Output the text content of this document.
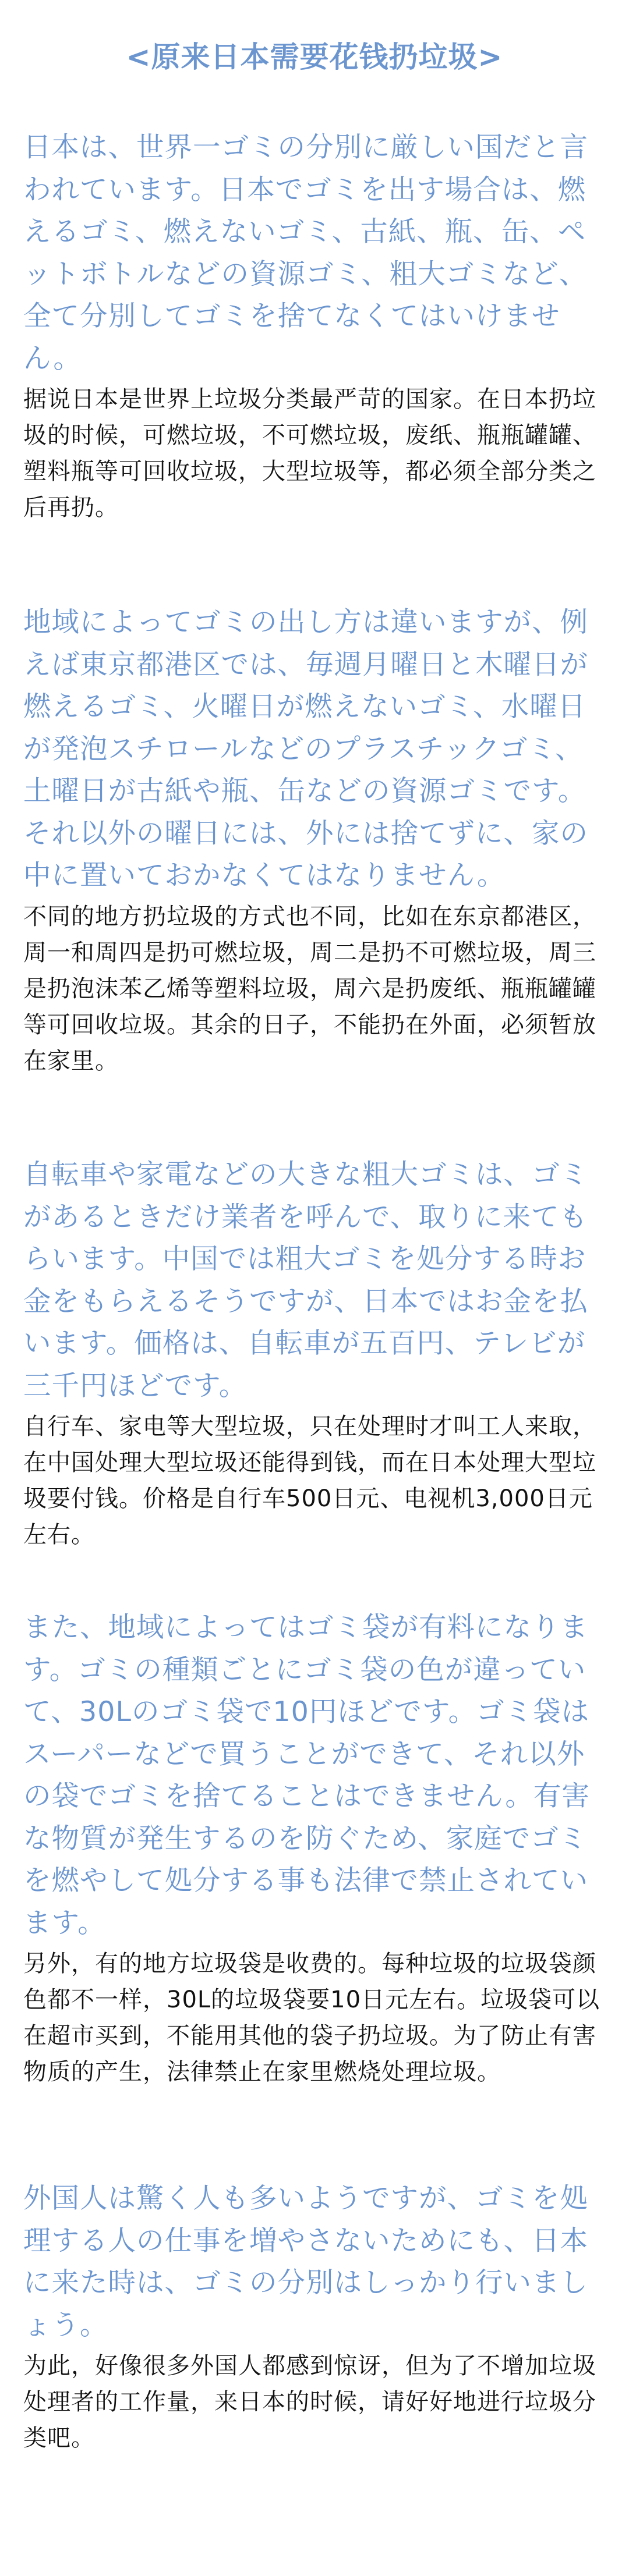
<原来日本需要花钱扔垃圾>

日本は、世界一ゴミの分別に厳しい国だと言われています。日本でゴミを出す場合は、燃えるゴミ、燃えないゴミ、古紙、瓶、缶、ペットボトルなどの資源ゴミ、粗大ゴミなど、全て分別してゴミを捨てなくてはいけません。

据说日本是世界上垃圾分类最严苛的国家。在日本扔垃圾的时候，可燃垃圾，不可燃垃圾，废纸、瓶瓶罐罐、塑料瓶等可回收垃圾，大型垃圾等，都必须全部分类之后再扔。

地域によってゴミの出し方は違いますが、例えば東京都港区では、毎週月曜日と木曜日が燃えるゴミ、火曜日が燃えないゴミ、水曜日が発泡スチロールなどのプラスチックゴミ、土曜日が古紙や瓶、缶などの資源ゴミです。それ以外の曜日には、外には捨てずに、家の中に置いておかなくてはなりません。

不同的地方扔垃圾的方式也不同，比如在东京都港区，周一和周四是扔可燃垃圾，周二是扔不可燃垃圾，周三是扔泡沫苯乙烯等塑料垃圾，周六是扔废纸、瓶瓶罐罐等可回收垃圾。其余的日子，不能扔在外面，必须暂放在家里。

自転車や家電などの大きな粗大ゴミは、ゴミがあるときだけ業者を呼んで、取りに来てもらいます。中国では粗大ゴミを処分する時お金をもらえるそうですが、日本ではお金を払います。価格は、自転車が五百円、テレビが三千円ほどです。

自行车、家电等大型垃圾，只在处理时才叫工人来取，在中国处理大型垃圾还能得到钱，而在日本处理大型垃圾要付钱。价格是自行车500日元、电视机3,000日元左右。

また、地域によってはゴミ袋が有料になります。ゴミの種類ごとにゴミ袋の色が違っていて、30Lのゴミ袋で10円ほどです。ゴミ袋はスーパーなどで買うことができて、それ以外の袋でゴミを捨てることはできません。有害な物質が発生するのを防ぐため、家庭でゴミを燃やして処分する事も法律で禁止されています。

另外，有的地方垃圾袋是收费的。每种垃圾的垃圾袋颜色都不一样，30L的垃圾袋要10日元左右。垃圾袋可以在超市买到，不能用其他的袋子扔垃圾。为了防止有害物质的产生，法律禁止在家里燃烧处理垃圾。

外国人は驚く人も多いようですが、ゴミを処理する人の仕事を増やさないためにも、日本に来た時は、ゴミの分別はしっかり行いましょう。

为此，好像很多外国人都感到惊讶，但为了不增加垃圾处理者的工作量，来日本的时候，请好好地进行垃圾分类吧。
